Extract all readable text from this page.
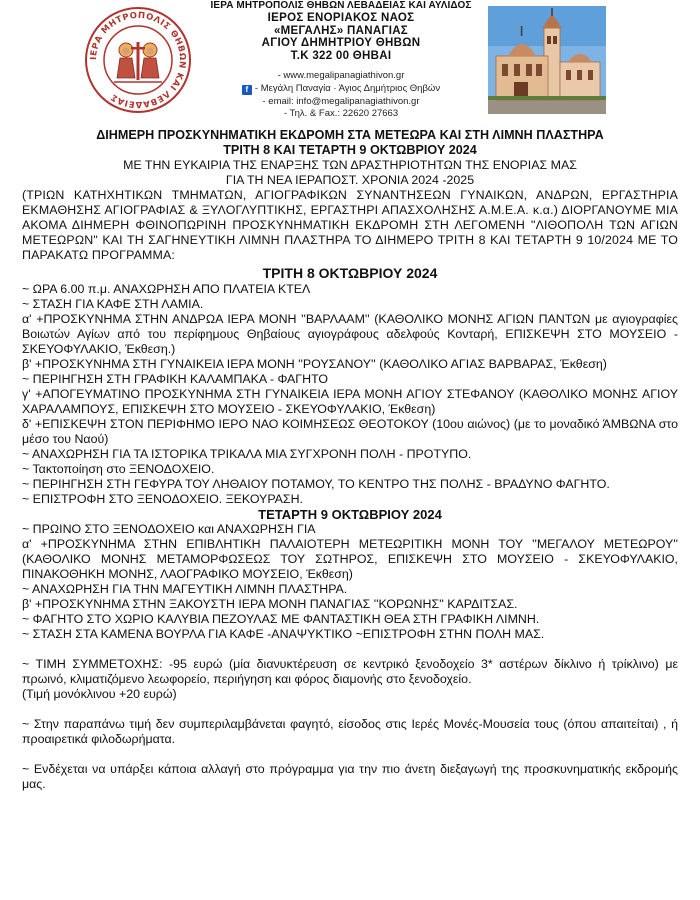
ΙΕΡΑ ΜΗΤΡΟΠΟΛΙΣ ΘΗΒΩΝ ΚΑΙ ΛΕΒΑΔΕΙΑΣ
ΙΕΡΑ ΜΗΤΡΟΠΟΛΙΣ ΘΗΒΩΝ ΛΕΒΑΔΕΙΑΣ ΚΑΙ ΑΥΛΙΔΟΣ
ΙΕΡΟΣ ΕΝΟΡΙΑΚΟΣ ΝΑΟΣ
«ΜΕΓΑΛΗΣ» ΠΑΝΑΓΙΑΣ
ΑΓΙΟΥ ΔΗΜΗΤΡΙΟΥ ΘΗΒΩΝ
Τ.Κ 322 00 ΘΗΒΑΙ
- www.megalipanagiathivon.gr
f - Μεγάλη Παναγία · Άγιος Δημήτριος Θηβών
- email: info@megalipanagiathivon.gr
- Τηλ. & Fax.: 22620 27663
ΔΙΗΜΕΡΗ ΠΡΟΣΚΥΝΗΜΑΤΙΚΗ ΕΚΔΡΟΜΗ ΣΤΑ ΜΕΤΕΩΡΑ ΚΑΙ ΣΤΗ ΛΙΜΝΗ ΠΛΑΣΤΗΡΑ
ΤΡΙΤΗ 8 ΚΑΙ ΤΕΤΑΡΤΗ 9 ΟΚΤΩΒΡΙΟΥ 2024
ΜΕ ΤΗΝ ΕΥΚΑΙΡΙΑ ΤΗΣ ΕΝΑΡΞΗΣ ΤΩΝ ΔΡΑΣΤΗΡΙΟΤΗΤΩΝ ΤΗΣ ΕΝΟΡΙΑΣ ΜΑΣ
ΓΙΑ ΤΗ ΝΕΑ ΙΕΡΑΠΟΣΤ. ΧΡΟΝΙΑ 2024 -2025
(ΤΡΙΩΝ ΚΑΤΗΧΗΤΙΚΩΝ ΤΜΗΜΑΤΩΝ, ΑΓΙΟΓΡΑΦΙΚΩΝ ΣΥΝΑΝΤΗΣΕΩΝ ΓΥΝΑΙΚΩΝ, ΑΝΔΡΩΝ, ΕΡΓΑΣΤΗΡΙΑ ΕΚΜΑΘΗΣΗΣ ΑΓΙΟΓΡΑΦΙΑΣ & ΞΥΛΟΓΛΥΠΤΙΚΗΣ, ΕΡΓΑΣΤΗΡΙ ΑΠΑΣΧΟΛΗΣΗΣ Α.Μ.Ε.Α. κ.α.) ΔΙΟΡΓΑΝΟΥΜΕ ΜΙΑ ΑΚΟΜΑ ΔΙΗΜΕΡΗ ΦΘΙΝΟΠΩΡΙΝΗ ΠΡΟΣΚΥΝΗΜΑΤΙΚΗ ΕΚΔΡΟΜΗ ΣΤΗ ΛΕΓΟΜΕΝΗ "ΛΙΘΟΠΟΛΗ ΤΩΝ ΑΓΙΩΝ ΜΕΤΕΩΡΩΝ" ΚΑΙ ΤΗ ΣΑΓΗΝΕΥΤΙΚΗ ΛΙΜΝΗ ΠΛΑΣΤΗΡΑ ΤΟ ΔΙΗΜΕΡΟ ΤΡΙΤΗ 8 ΚΑΙ ΤΕΤΑΡΤΗ 9 10/2024 ΜΕ ΤΟ ΠΑΡΑΚΑΤΩ ΠΡΟΓΡΑΜΜΑ:
ΤΡΙΤΗ 8 ΟΚΤΩΒΡΙΟΥ 2024
~ ΩΡΑ 6.00 π.μ. ΑΝΑΧΩΡΗΣΗ ΑΠΟ ΠΛΑΤΕΙΑ ΚΤΕΛ
~ ΣΤΑΣΗ ΓΙΑ ΚΑΦΕ ΣΤΗ ΛΑΜΙΑ.
α' +ΠΡΟΣΚΥΝΗΜΑ ΣΤΗΝ ΑΝΔΡΩΑ ΙΕΡΑ ΜΟΝΗ ''ΒΑΡΛΑΑΜ'' (ΚΑΘΟΛΙΚΟ ΜΟΝΗΣ ΑΓΙΩΝ ΠΑΝΤΩΝ με αγιογραφίες Βοιωτών Αγίων από του περίφημους Θηβαίους αγιογράφους αδελφούς Κονταρή, ΕΠΙΣΚΕΨΗ ΣΤΟ ΜΟΥΣΕΙΟ - ΣΚΕΥΟΦΥΛΑΚΙΟ, Έκθεση.)
β' +ΠΡΟΣΚΥΝΗΜΑ ΣΤΗ ΓΥΝΑΙΚΕΙΑ ΙΕΡΑ ΜΟΝΗ ''ΡΟΥΣΑΝΟΥ'' (ΚΑΘΟΛΙΚΟ ΑΓΙΑΣ ΒΑΡΒΑΡΑΣ, Έκθεση)
~ ΠΕΡΙΗΓΗΣΗ ΣΤΗ ΓΡΑΦΙΚΗ ΚΑΛΑΜΠΑΚΑ - ΦΑΓΗΤΟ
γ' +ΑΠΟΓΕΥΜΑΤΙΝΟ ΠΡΟΣΚΥΝΗΜΑ ΣΤΗ ΓΥΝΑΙΚΕΙΑ ΙΕΡΑ ΜΟΝΗ ΑΓΙΟΥ ΣΤΕΦΑΝΟΥ (ΚΑΘΟΛΙΚΟ ΜΟΝΗΣ ΑΓΙΟΥ ΧΑΡΑΛΑΜΠΟΥΣ, ΕΠΙΣΚΕΨΗ ΣΤΟ ΜΟΥΣΕΙΟ - ΣΚΕΥΟΦΥΛΑΚΙΟ, Έκθεση)
δ' +ΕΠΙΣΚΕΨΗ ΣΤΟΝ ΠΕΡΙΦΗΜΟ ΙΕΡΟ ΝΑΟ ΚΟΙΜΗΣΕΩΣ ΘΕΟΤΟΚΟΥ (10ου αιώνος) (με το μοναδικό ΆΜΒΩΝΑ στο μέσο του Ναού)
~ ΑΝΑΧΩΡΗΣΗ ΓΙΑ ΤΑ ΙΣΤΟΡΙΚΑ ΤΡΙΚΑΛΑ ΜΙΑ ΣΥΓΧΡΟΝΗ ΠΟΛΗ - ΠΡΟΤΥΠΟ.
~ Τακτοποίηση στο ΞΕΝΟΔΟΧΕΙΟ.
~ ΠΕΡΙΗΓΗΣΗ ΣΤΗ ΓΕΦΥΡΑ ΤΟΥ ΛΗΘΑΙΟΥ ΠΟΤΑΜΟΥ, ΤΟ ΚΕΝΤΡΟ ΤΗΣ ΠΟΛΗΣ - ΒΡΑΔΥΝΟ ΦΑΓΗΤΟ.
~ ΕΠΙΣΤΡΟΦΗ ΣΤΟ ΞΕΝΟΔΟΧΕΙΟ. ΞΕΚΟΥΡΑΣΗ.
ΤΕΤΑΡΤΗ 9 ΟΚΤΩΒΡΙΟΥ 2024
~ ΠΡΩΙΝΟ ΣΤΟ ΞΕΝΟΔΟΧΕΙΟ και ΑΝΑΧΩΡΗΣΗ ΓΙΑ
α' +ΠΡΟΣΚΥΝΗΜΑ ΣΤΗΝ ΕΠΙΒΛΗΤΙΚΗ ΠΑΛΑΙΟΤΕΡΗ ΜΕΤΕΩΡΙΤΙΚΗ ΜΟΝΗ ΤΟΥ ''ΜΕΓΑΛΟΥ ΜΕΤΕΩΡΟΥ'' (ΚΑΘΟΛΙΚΟ ΜΟΝΗΣ ΜΕΤΑΜΟΡΦΩΣΕΩΣ ΤΟΥ ΣΩΤΗΡΟΣ, ΕΠΙΣΚΕΨΗ ΣΤΟ ΜΟΥΣΕΙΟ - ΣΚΕΥΟΦΥΛΑΚΙΟ, ΠΙΝΑΚΟΘΗΚΗ ΜΟΝΗΣ, ΛΑΟΓΡΑΦΙΚΟ ΜΟΥΣΕΙΟ, Έκθεση)
~ ΑΝΑΧΩΡΗΣΗ ΓΙΑ ΤΗΝ ΜΑΓΕΥΤΙΚΗ ΛΙΜΝΗ ΠΛΑΣΤΗΡΑ.
β' +ΠΡΟΣΚΥΝΗΜΑ ΣΤΗΝ ΞΑΚΟΥΣΤΗ ΙΕΡΑ ΜΟΝΗ ΠΑΝΑΓΙΑΣ ''ΚΟΡΩΝΗΣ'' ΚΑΡΔΙΤΣΑΣ.
~ ΦΑΓΗΤΟ ΣΤΟ ΧΩΡΙΟ ΚΑΛΥΒΙΑ ΠΕΖΟΥΛΑΣ ΜΕ ΦΑΝΤΑΣΤΙΚΗ ΘΕΑ ΣΤΗ ΓΡΑΦΙΚΗ ΛΙΜΝΗ.
~ ΣΤΑΣΗ ΣΤΑ ΚΑΜΕΝΑ ΒΟΥΡΛΑ ΓΙΑ ΚΑΦΕ -ΑΝΑΨΥΚΤΙΚΟ ~ΕΠΙΣΤΡΟΦΗ ΣΤΗΝ ΠΟΛΗ ΜΑΣ.
~ ΤΙΜΗ ΣΥΜΜΕΤΟΧΗΣ: -95 ευρώ (μία διανυκτέρευση σε κεντρικό ξενοδοχείο 3* αστέρων δίκλινο ή τρίκλινο) με πρωινό, κλιματιζόμενο λεωφορείο, περιήγηση και φόρος διαμονής στο ξενοδοχείο.
(Τιμή μονόκλινου +20 ευρώ)
~ Στην παραπάνω τιμή δεν συμπεριλαμβάνεται φαγητό, είσοδος στις Ιερές Μονές-Μουσεία τους (όπου απαιτείται) , ή προαιρετικά φιλοδωρήματα.
~ Ενδέχεται να υπάρξει κάποια αλλαγή στο πρόγραμμα για την πιο άνετη διεξαγωγή της προσκυνηματικής εκδρομής μας.
